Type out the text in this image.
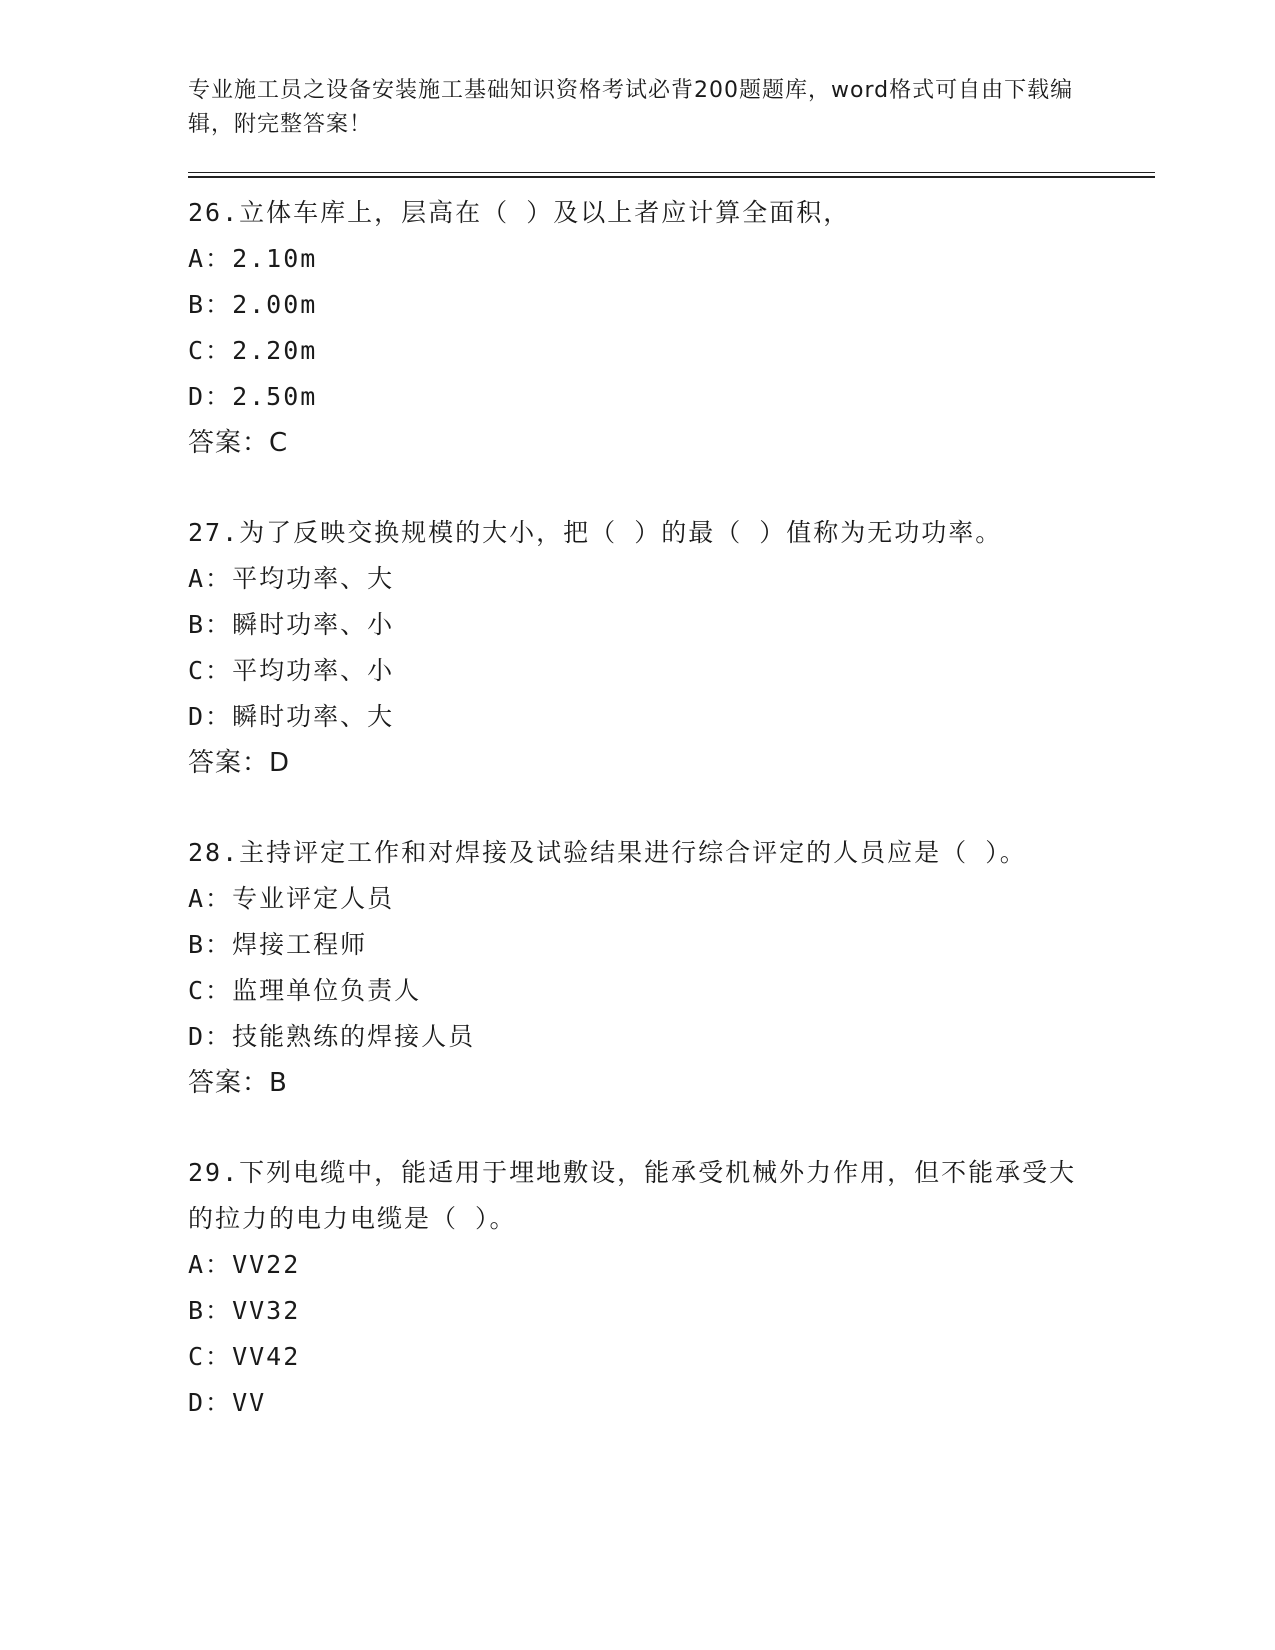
专业施工员之设备安装施工基础知识资格考试必背200题题库，word格式可自由下载编辑，附完整答案！

26.立体车库上，层高在（ ）及以上者应计算全面积，

A：2.10m

B：2.00m

C：2.20m

D：2.50m

答案：C

27.为了反映交换规模的大小，把（ ）的最（ ）值称为无功功率。

A：平均功率、大

B：瞬时功率、小

C：平均功率、小

D：瞬时功率、大

答案：D

28.主持评定工作和对焊接及试验结果进行综合评定的人员应是（ ）。

A：专业评定人员

B：焊接工程师

C：监理单位负责人

D：技能熟练的焊接人员

答案：B

29.下列电缆中，能适用于埋地敷设，能承受机械外力作用，但不能承受大的拉力的电力电缆是（ ）。

A：VV22

B：VV32

C：VV42

D：VV
